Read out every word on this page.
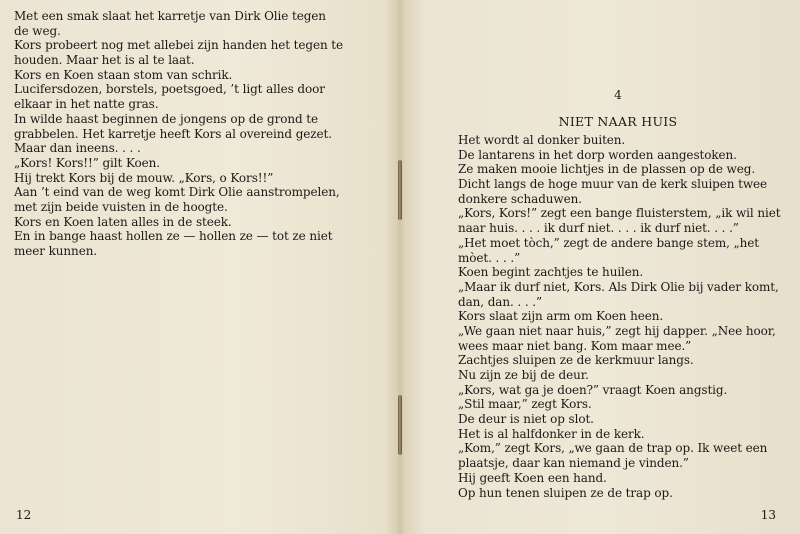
Met een smak slaat het karretje van Dirk Olie tegen
de weg.
Kors probeert nog met allebei zijn handen het tegen te
houden. Maar het is al te laat.
Kors en Koen staan stom van schrik.
Lucifersdozen, borstels, poetsgoed, ’t ligt alles door
elkaar in het natte gras.
In wilde haast beginnen de jongens op de grond te
grabbelen. Het karretje heeft Kors al overeind gezet.
Maar dan ineens. . . .
„Kors! Kors!!” gilt Koen.
Hij trekt Kors bij de mouw. „Kors, o Kors!!”
Aan ’t eind van de weg komt Dirk Olie aanstrompelen,
met zijn beide vuisten in de hoogte.
Kors en Koen laten alles in de steek.
En in bange haast hollen ze — hollen ze — tot ze niet
meer kunnen.
12
4
NIET NAAR HUIS
Het wordt al donker buiten.
De lantarens in het dorp worden aangestoken.
Ze maken mooie lichtjes in de plassen op de weg.
Dicht langs de hoge muur van de kerk sluipen twee
donkere schaduwen.
„Kors, Kors!” zegt een bange fluisterstem, „ik wil niet
naar huis. . . . ik durf niet. . . . ik durf niet. . . .”
„Het moet tòch,” zegt de andere bange stem, „het
mòet. . . .”
Koen begint zachtjes te huilen.
„Maar ik durf niet, Kors. Als Dirk Olie bij vader komt,
dan, dan. . . .”
Kors slaat zijn arm om Koen heen.
„We gaan niet naar huis,” zegt hij dapper. „Nee hoor,
wees maar niet bang. Kom maar mee.”
Zachtjes sluipen ze de kerkmuur langs.
Nu zijn ze bij de deur.
„Kors, wat ga je doen?” vraagt Koen angstig.
„Stil maar,” zegt Kors.
De deur is niet op slot.
Het is al halfdonker in de kerk.
„Kom,” zegt Kors, „we gaan de trap op. Ik weet een
plaatsje, daar kan niemand je vinden.”
Hij geeft Koen een hand.
Op hun tenen sluipen ze de trap op.
13
